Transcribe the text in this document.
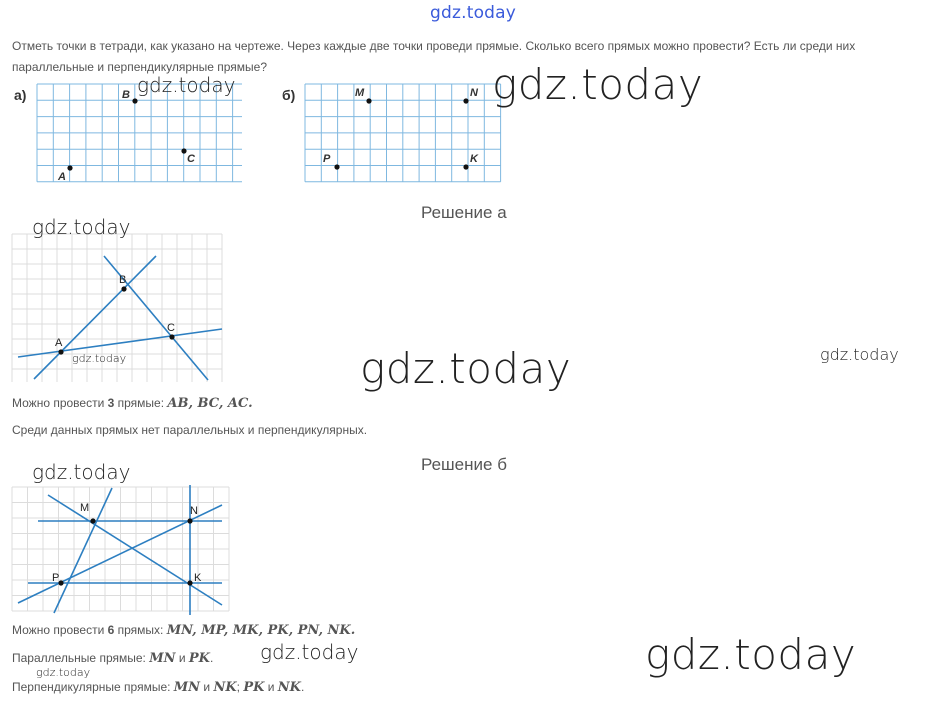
gdz.today
Отметь точки в тетради, как указано на чертеже. Через каждые две точки проведи прямые. Сколько всего прямых можно провести? Есть ли среди них параллельные и перпендикулярные прямые?
а)
A
B
C
б)	M	N
P	K
Решение а
A
B
C
Можно провести 3 прямые: AB, BC, AC.
Среди данных прямых нет параллельных и перпендикулярных.
Решение б
M	N
P	K
Можно провести 6 прямых: MN, MP, MK, PK, PN, NK.
Параллельные прямые: MN и PK.
Перпендикулярные прямые: MN и NK; PK и NK.
gdz.today
gdz.today
gdz.today
gdz.today	gdz.today
gdz.today
gdz.today
gdz.today
gdz.today	gdz.today
